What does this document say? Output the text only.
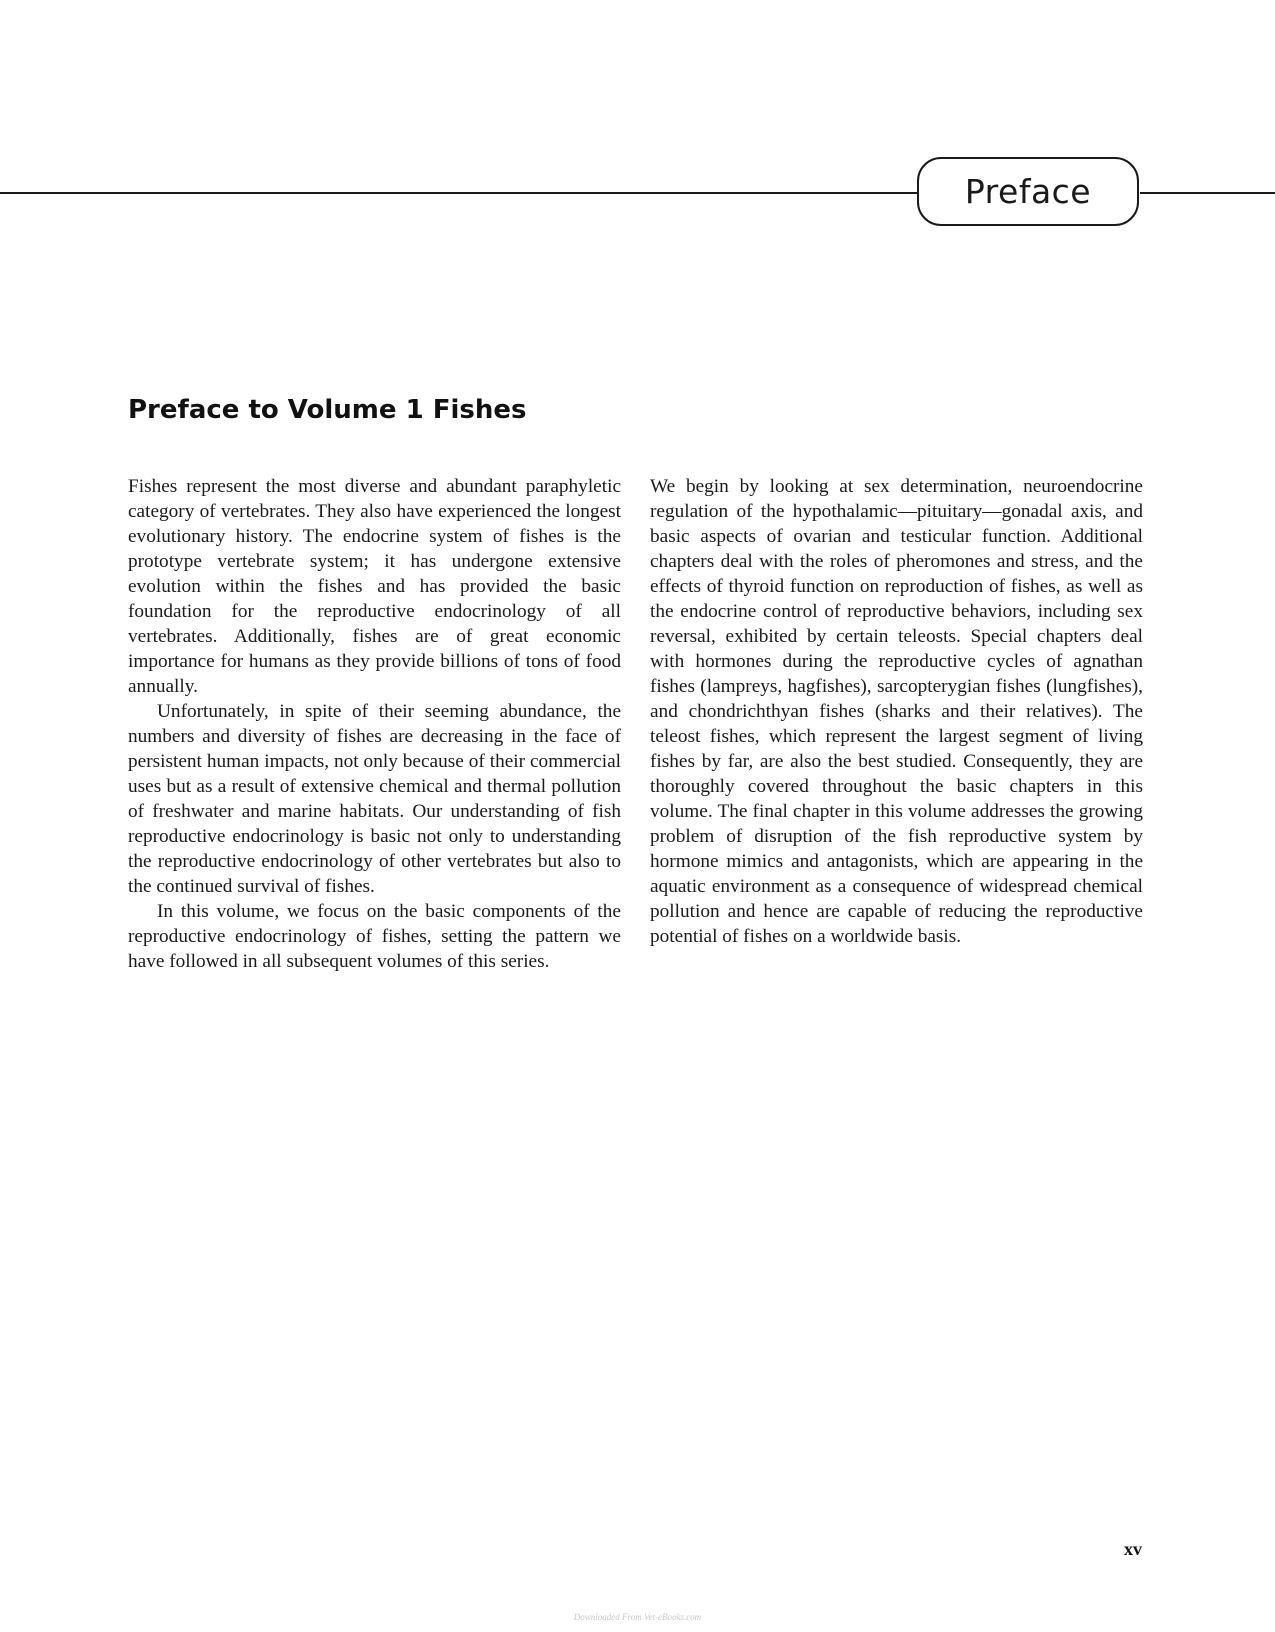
Preface
Preface to Volume 1 Fishes

Fishes represent the most diverse and abundant paraphyletic category of vertebrates. They also have experienced the longest evolutionary history. The endocrine system of fishes is the prototype vertebrate system; it has undergone extensive evolution within the fishes and has provided the basic foundation for the reproductive endocrinology of all vertebrates. Additionally, fishes are of great economic importance for humans as they provide billions of tons of food annually.

Unfortunately, in spite of their seeming abundance, the numbers and diversity of fishes are decreasing in the face of persistent human impacts, not only because of their commercial uses but as a result of extensive chemical and thermal pollution of freshwater and marine habitats. Our understanding of fish reproductive endocrinology is basic not only to understanding the reproductive endocrinology of other vertebrates but also to the continued survival of fishes.

In this volume, we focus on the basic components of the reproductive endocrinology of fishes, setting the pattern we have followed in all subsequent volumes of this series.

We begin by looking at sex determination, neuroendocrine regulation of the hypothalamic—pituitary—gonadal axis, and basic aspects of ovarian and testicular function. Additional chapters deal with the roles of pheromones and stress, and the effects of thyroid function on reproduction of fishes, as well as the endocrine control of reproductive behaviors, including sex reversal, exhibited by certain teleosts. Special chapters deal with hormones during the reproductive cycles of agnathan fishes (lampreys, hagfishes), sarcopterygian fishes (lungfishes), and chondrichthyan fishes (sharks and their relatives). The teleost fishes, which represent the largest segment of living fishes by far, are also the best studied. Consequently, they are thoroughly covered throughout the basic chapters in this volume. The final chapter in this volume addresses the growing problem of disruption of the fish reproductive system by hormone mimics and antagonists, which are appearing in the aquatic environment as a consequence of widespread chemical pollution and hence are capable of reducing the reproductive potential of fishes on a worldwide basis.

xv
Downloaded From Vet-eBooks.com
